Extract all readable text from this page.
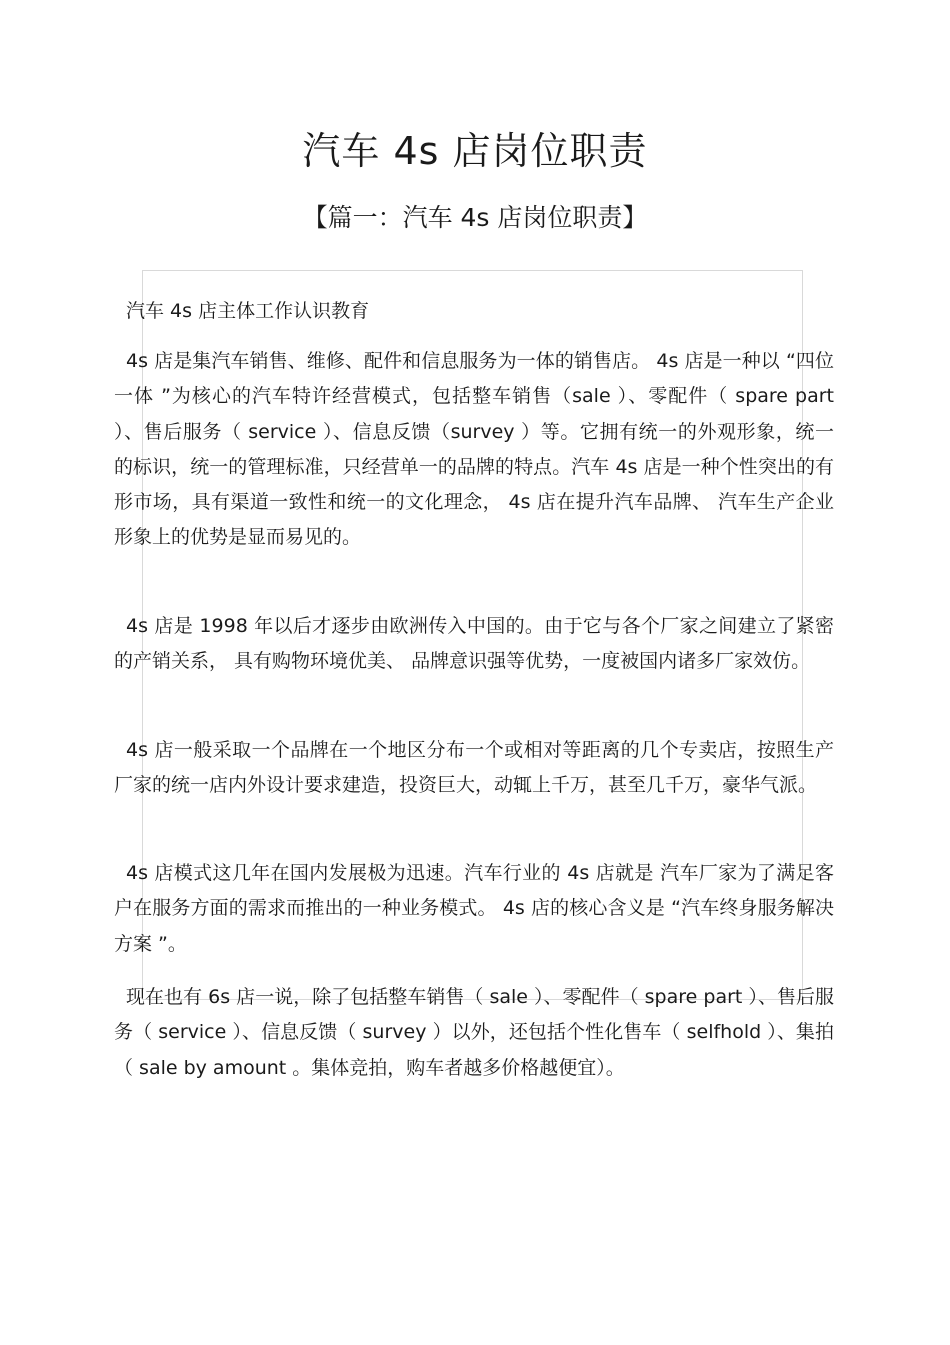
汽车 4s 店岗位职责
【篇一：汽车 4s 店岗位职责】
汽车 4s 店主体工作认识教育
4s 店是集汽车销售、维修、配件和信息服务为一体的销售店。 4s 店是一种以 “四位一体 ”为核心的汽车特许经营模式，包括整车销售（sale ）、零配件（ spare part ）、售后服务（ service ）、信息反馈（survey ）等。它拥有统一的外观形象，统一的标识，统一的管理标准，只经营单一的品牌的特点。汽车 4s 店是一种个性突出的有形市场，具有渠道一致性和统一的文化理念， 4s 店在提升汽车品牌、 汽车生产企业形象上的优势是显而易见的。
4s 店是 1998 年以后才逐步由欧洲传入中国的。由于它与各个厂家之间建立了紧密的产销关系， 具有购物环境优美、 品牌意识强等优势，一度被国内诸多厂家效仿。
4s 店一般采取一个品牌在一个地区分布一个或相对等距离的几个专卖店，按照生产厂家的统一店内外设计要求建造，投资巨大，动辄上千万，甚至几千万，豪华气派。
4s 店模式这几年在国内发展极为迅速。汽车行业的 4s 店就是 汽车厂家为了满足客户在服务方面的需求而推出的一种业务模式。 4s 店的核心含义是 “汽车终身服务解决方案 ”。
现在也有 6s 店一说，除了包括整车销售（ sale ）、零配件（ spare part ）、售后服务（ service ）、信息反馈（ survey ）以外，还包括个性化售车（ selfhold ）、集拍（ sale by amount 。集体竞拍，购车者越多价格越便宜）。
